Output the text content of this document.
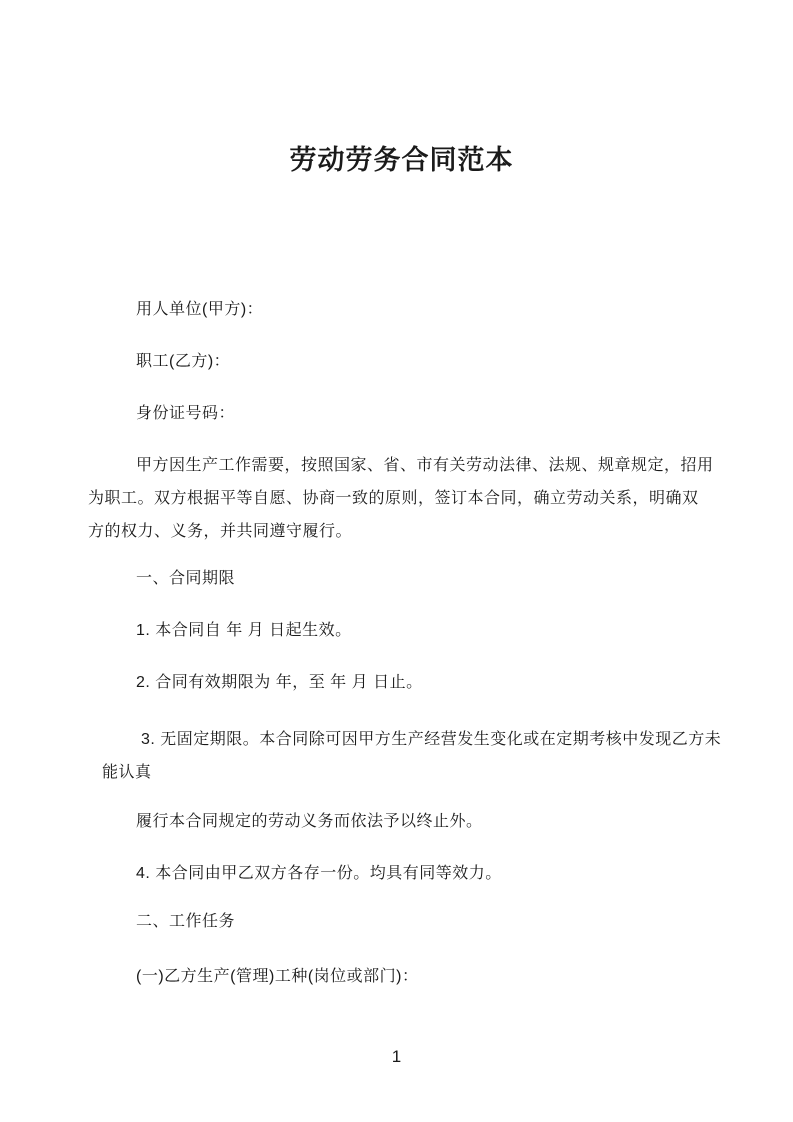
劳动劳务合同范本

用人单位(甲方)：

职工(乙方)：

身份证号码：

甲方因生产工作需要，按照国家、省、市有关劳动法律、法规、规章规定，招用

为职工。双方根据平等自愿、协商一致的原则，签订本合同，确立劳动关系，明确双

方的权力、义务，并共同遵守履行。

一、合同期限

1. 本合同自 年 月 日起生效。

2. 合同有效期限为 年，至 年 月 日止。

3. 无固定期限。本合同除可因甲方生产经营发生变化或在定期考核中发现乙方未

能认真

履行本合同规定的劳动义务而依法予以终止外。

4. 本合同由甲乙双方各存一份。均具有同等效力。

二、工作任务

(一)乙方生产(管理)工种(岗位或部门)：

1
